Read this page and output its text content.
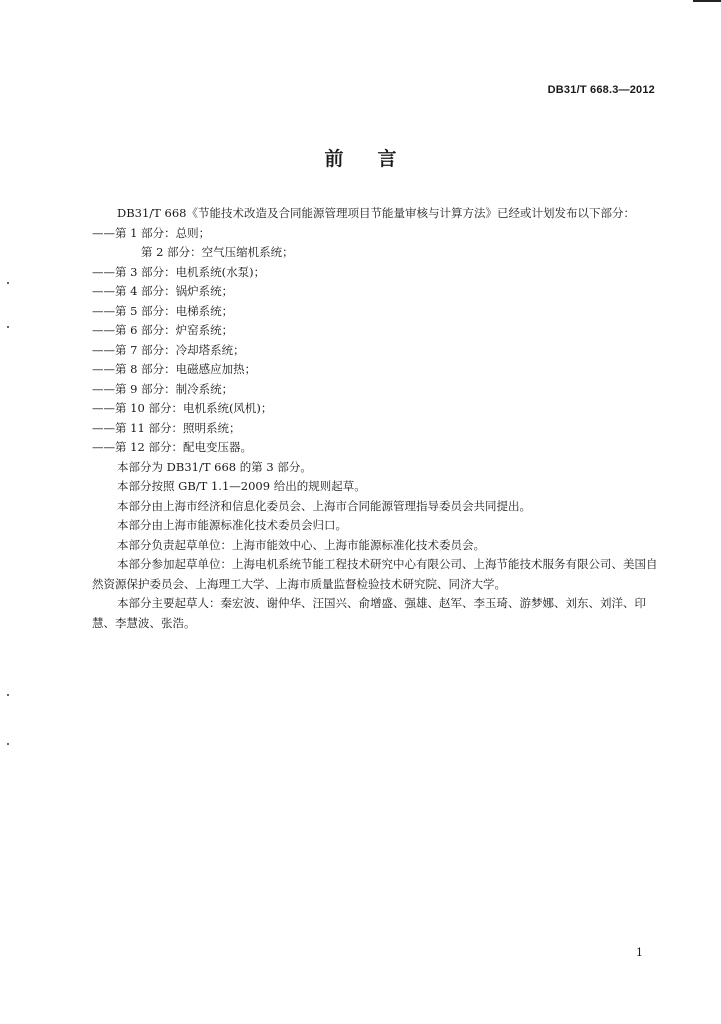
DB31/T 668.3—2012
前言

DB31/T 668《节能技术改造及合同能源管理项目节能量审核与计算方法》已经或计划发布以下部分：

——第 1 部分：总则；

第 2 部分：空气压缩机系统；

——第 3 部分：电机系统(水泵)；

——第 4 部分：锅炉系统；

——第 5 部分：电梯系统；

——第 6 部分：炉窑系统；

——第 7 部分：冷却塔系统；

——第 8 部分：电磁感应加热；

——第 9 部分：制冷系统；

——第 10 部分：电机系统(风机)；

——第 11 部分：照明系统；

——第 12 部分：配电变压器。

本部分为 DB31/T 668 的第 3 部分。

本部分按照 GB/T 1.1—2009 给出的规则起草。

本部分由上海市经济和信息化委员会、上海市合同能源管理指导委员会共同提出。

本部分由上海市能源标准化技术委员会归口。

本部分负责起草单位：上海市能效中心、上海市能源标准化技术委员会。

本部分参加起草单位：上海电机系统节能工程技术研究中心有限公司、上海节能技术服务有限公司、美国自然资源保护委员会、上海理工大学、上海市质量监督检验技术研究院、同济大学。

本部分主要起草人：秦宏波、谢仲华、汪国兴、俞增盛、强雄、赵军、李玉琦、游梦娜、刘东、刘洋、印慧、李慧波、张浩。

1
